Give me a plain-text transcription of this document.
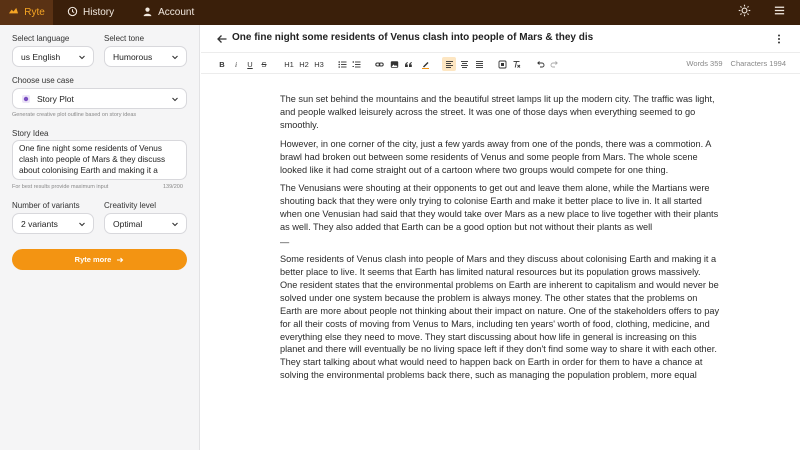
Ryte	History	Account
Select language
us English
Select tone
Humorous
Choose use case
Story Plot
Generate creative plot outline based on story ideas
Story Idea
One fine night some residents of Venus clash into people of Mars & they discuss about colonising Earth and making it a
For best results provide maximum input	139/200
Number of variants
2 variants
Creativity level
Optimal
Ryte more
One fine night some residents of Venus clash into people of Mars & they dis
B	i	U	S	H1 H2 H3	Words 359 Characters 1994

The sun set behind the mountains and the beautiful street lamps lit up the modern city. The traffic was light, and people walked leisurely across the street. It was one of those days when everything seemed to go smoothly.

However, in one corner of the city, just a few yards away from one of the ponds, there was a commotion. A brawl had broken out between some residents of Venus and some people from Mars. The whole scene looked like it had come straight out of a cartoon where two groups would compete for one thing.

The Venusians were shouting at their opponents to get out and leave them alone, while the Martians were shouting back that they were only trying to colonise Earth and make it better place to live in. It all started when one Venusian had said that they would take over Mars as a new place to live together with their plants as well. They also added that Earth can be a good option but not without their plants as well

—

Some residents of Venus clash into people of Mars and they discuss about colonising Earth and making it a better place to live. It seems that Earth has limited natural resources but its population grows massively. One resident states that the environmental problems on Earth are inherent to capitalism and would never be solved under one system because the problem is always money. The other states that the problems on Earth are more about people not thinking about their impact on nature. One of the stakeholders offers to pay for all their costs of moving from Venus to Mars, including ten years' worth of food, clothing, medicine, and everything else they need to move. They start discussing about how life in general is increasing on this planet and there will eventually be no living space left if they don't find some way to share it with each other. They start talking about what would need to happen back on Earth in order for them to have a chance at solving the environmental problems back there, such as managing the population problem, more equal
